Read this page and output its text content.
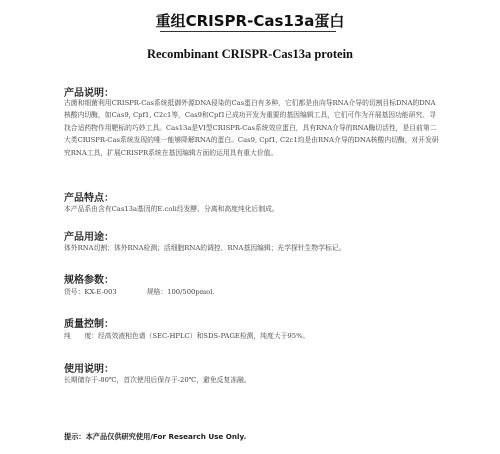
重组CRISPR-Cas13a蛋白
Recombinant CRISPR-Cas13a protein
产品说明：
古菌和细菌利用CRISPR-Cas系统抵御外源DNA侵染的Cas蛋白有多种，它们都是由向导RNA介导的切割目标DNA的DNA核酸内切酶，如Cas9, Cpf1, C2c1等，Cas9和Cpf1已成功开发为重要的基因编辑工具，它们可作为开展基因功能研究、寻找合适药物作用靶标的巧妙工具。Cas13a是VI型CRISPR-Cas系统效应蛋白，具有RNA介导的RNA酶切活性，是目前第二大类CRISPR-Cas系统发现的唯一能够降解RNA的蛋白。Cas9, Cpf1, C2c1均是由RNA介导的DNA核酸内切酶，对开发研究RNA工具，扩展CRISPR系统在基因编辑方面的运用具有重大价值。
产品特点：
本产品系由含有Cas13a基因的E.coli经发酵、分离和高度纯化后制成。
产品用途：
体外RNA切割；体外RNA检测；活细胞RNA的调控、RNA基因编辑；光学探针生物学标记。
规格参数：
货号：KX-E-003	规格：100/500pmol.
质量控制：
纯　　度：经高效液相色谱（SEC-HPLC）和SDS-PAGE检测，纯度大于95%。
使用说明：
长期储存于-80℃，首次使用后保存于-20℃，避免反复冻融。
提示：本产品仅供研究使用/For Research Use Only.
